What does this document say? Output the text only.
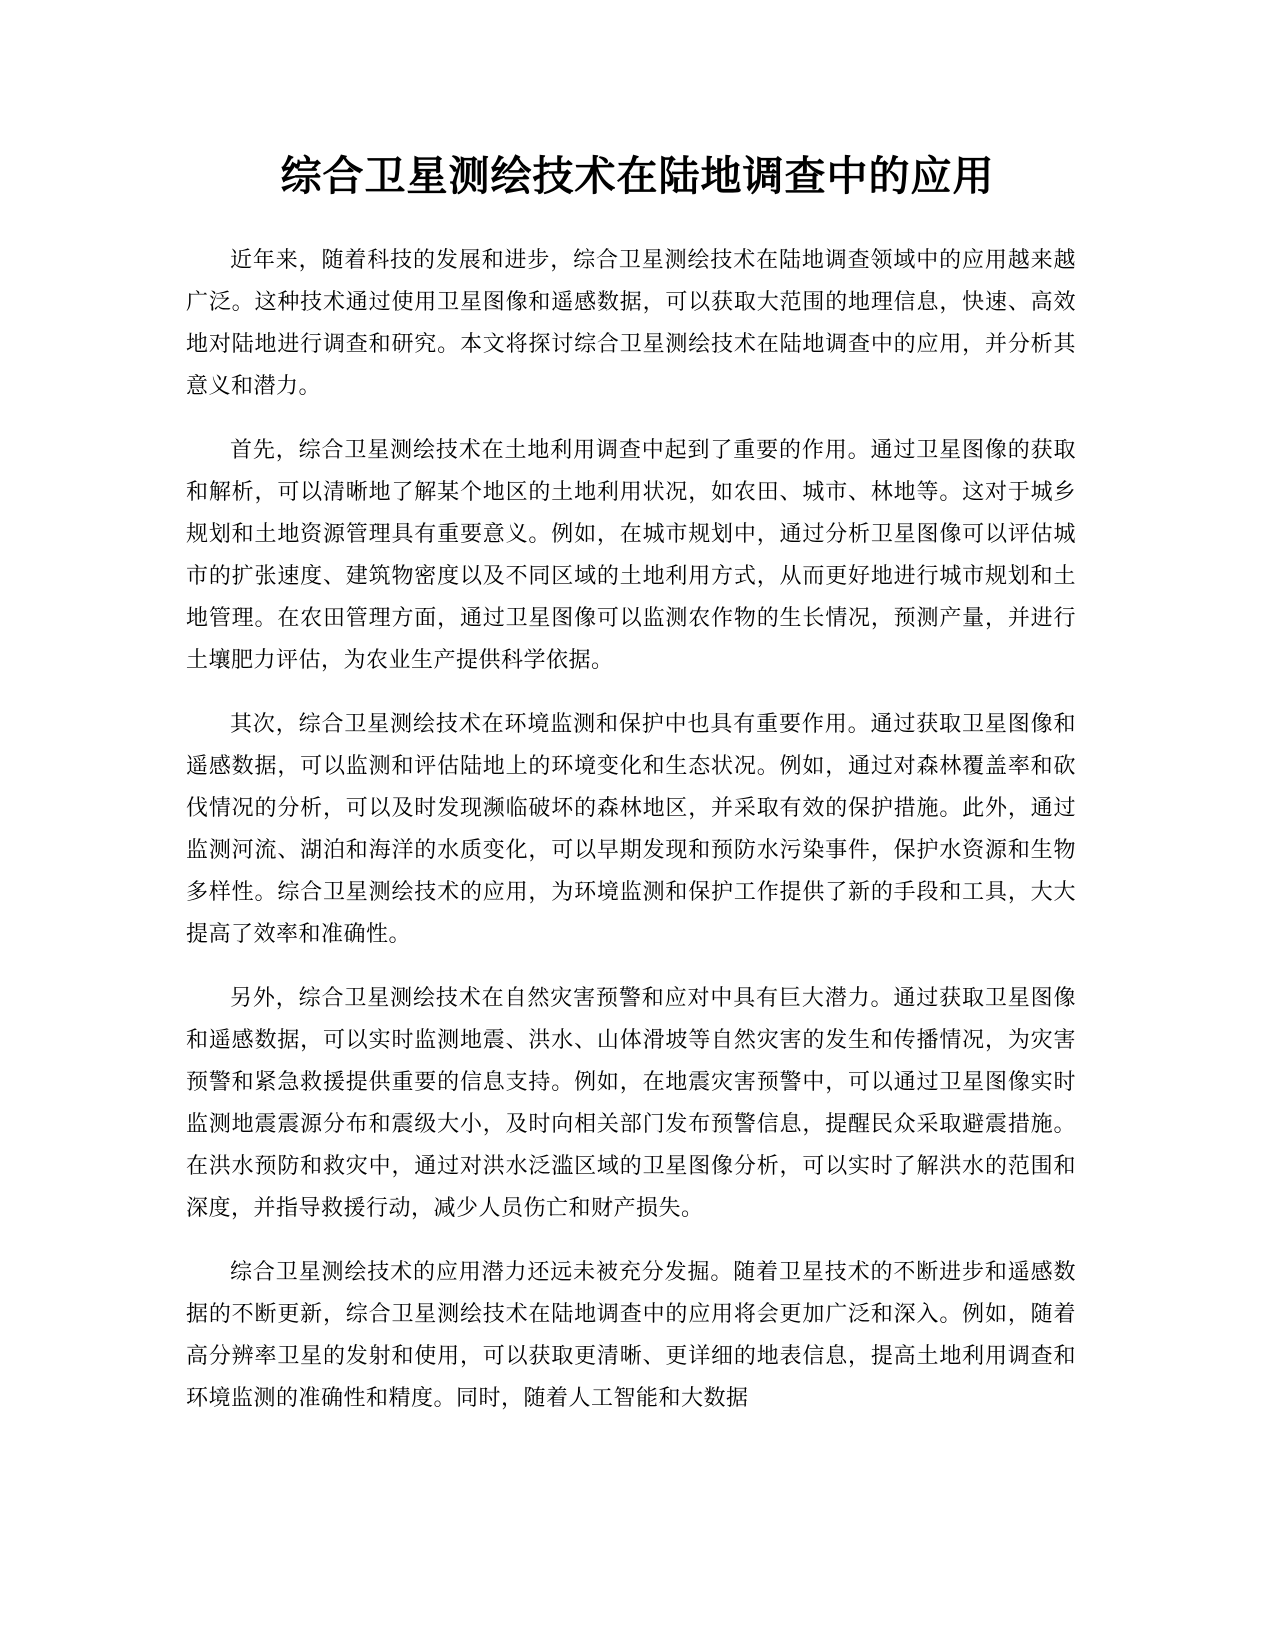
综合卫星测绘技术在陆地调查中的应用

近年来，随着科技的发展和进步，综合卫星测绘技术在陆地调查领域中的应用越来越广泛。这种技术通过使用卫星图像和遥感数据，可以获取大范围的地理信息，快速、高效地对陆地进行调查和研究。本文将探讨综合卫星测绘技术在陆地调查中的应用，并分析其意义和潜力。

首先，综合卫星测绘技术在土地利用调查中起到了重要的作用。通过卫星图像的获取和解析，可以清晰地了解某个地区的土地利用状况，如农田、城市、林地等。这对于城乡规划和土地资源管理具有重要意义。例如，在城市规划中，通过分析卫星图像可以评估城市的扩张速度、建筑物密度以及不同区域的土地利用方式，从而更好地进行城市规划和土地管理。在农田管理方面，通过卫星图像可以监测农作物的生长情况，预测产量，并进行土壤肥力评估，为农业生产提供科学依据。

其次，综合卫星测绘技术在环境监测和保护中也具有重要作用。通过获取卫星图像和遥感数据，可以监测和评估陆地上的环境变化和生态状况。例如，通过对森林覆盖率和砍伐情况的分析，可以及时发现濒临破坏的森林地区，并采取有效的保护措施。此外，通过监测河流、湖泊和海洋的水质变化，可以早期发现和预防水污染事件，保护水资源和生物多样性。综合卫星测绘技术的应用，为环境监测和保护工作提供了新的手段和工具，大大提高了效率和准确性。

另外，综合卫星测绘技术在自然灾害预警和应对中具有巨大潜力。通过获取卫星图像和遥感数据，可以实时监测地震、洪水、山体滑坡等自然灾害的发生和传播情况，为灾害预警和紧急救援提供重要的信息支持。例如，在地震灾害预警中，可以通过卫星图像实时监测地震震源分布和震级大小，及时向相关部门发布预警信息，提醒民众采取避震措施。在洪水预防和救灾中，通过对洪水泛滥区域的卫星图像分析，可以实时了解洪水的范围和深度，并指导救援行动，减少人员伤亡和财产损失。

综合卫星测绘技术的应用潜力还远未被充分发掘。随着卫星技术的不断进步和遥感数据的不断更新，综合卫星测绘技术在陆地调查中的应用将会更加广泛和深入。例如，随着高分辨率卫星的发射和使用，可以获取更清晰、更详细的地表信息，提高土地利用调查和环境监测的准确性和精度。同时，随着人工智能和大数据
